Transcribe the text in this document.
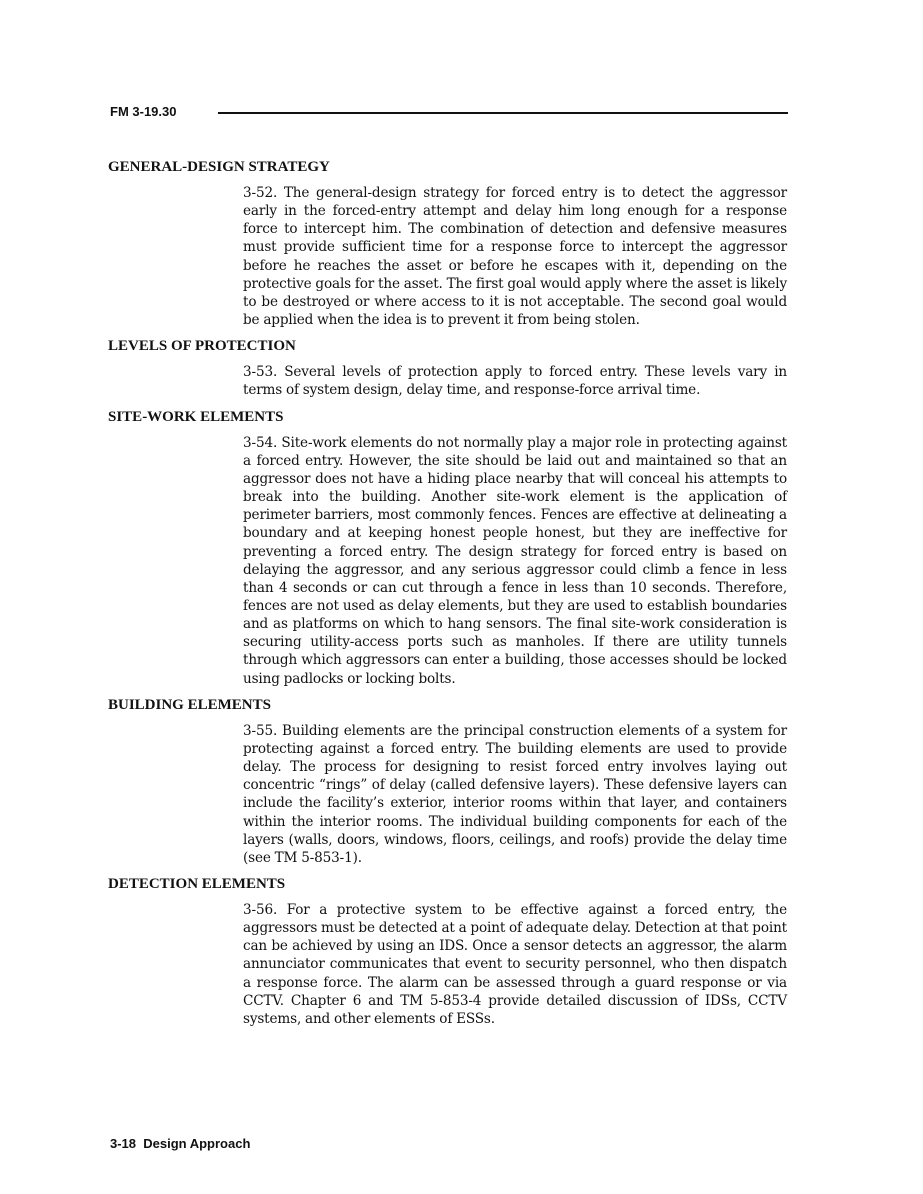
FM 3-19.30
GENERAL-DESIGN STRATEGY
3-52. The general-design strategy for forced entry is to detect the aggressor early in the forced-entry attempt and delay him long enough for a response force to intercept him. The combination of detection and defensive measures must provide sufficient time for a response force to intercept the aggressor before he reaches the asset or before he escapes with it, depending on the protective goals for the asset. The first goal would apply where the asset is likely to be destroyed or where access to it is not acceptable. The second goal would be applied when the idea is to prevent it from being stolen.
LEVELS OF PROTECTION
3-53. Several levels of protection apply to forced entry. These levels vary in terms of system design, delay time, and response-force arrival time.
SITE-WORK ELEMENTS
3-54. Site-work elements do not normally play a major role in protecting against a forced entry. However, the site should be laid out and maintained so that an aggressor does not have a hiding place nearby that will conceal his attempts to break into the building. Another site-work element is the application of perimeter barriers, most commonly fences. Fences are effective at delineating a boundary and at keeping honest people honest, but they are ineffective for preventing a forced entry. The design strategy for forced entry is based on delaying the aggressor, and any serious aggressor could climb a fence in less than 4 seconds or can cut through a fence in less than 10 seconds. Therefore, fences are not used as delay elements, but they are used to establish boundaries and as platforms on which to hang sensors. The final site-work consideration is securing utility-access ports such as manholes. If there are utility tunnels through which aggressors can enter a building, those accesses should be locked using padlocks or locking bolts.
BUILDING ELEMENTS
3-55. Building elements are the principal construction elements of a system for protecting against a forced entry. The building elements are used to provide delay. The process for designing to resist forced entry involves laying out concentric “rings” of delay (called defensive layers). These defensive layers can include the facility’s exterior, interior rooms within that layer, and containers within the interior rooms. The individual building components for each of the layers (walls, doors, windows, floors, ceilings, and roofs) provide the delay time (see TM 5-853-1).
DETECTION ELEMENTS
3-56. For a protective system to be effective against a forced entry, the aggressors must be detected at a point of adequate delay. Detection at that point can be achieved by using an IDS. Once a sensor detects an aggressor, the alarm annunciator communicates that event to security personnel, who then dispatch a response force. The alarm can be assessed through a guard response or via CCTV. Chapter 6 and TM 5-853-4 provide detailed discussion of IDSs, CCTV systems, and other elements of ESSs.
3-18  Design Approach
